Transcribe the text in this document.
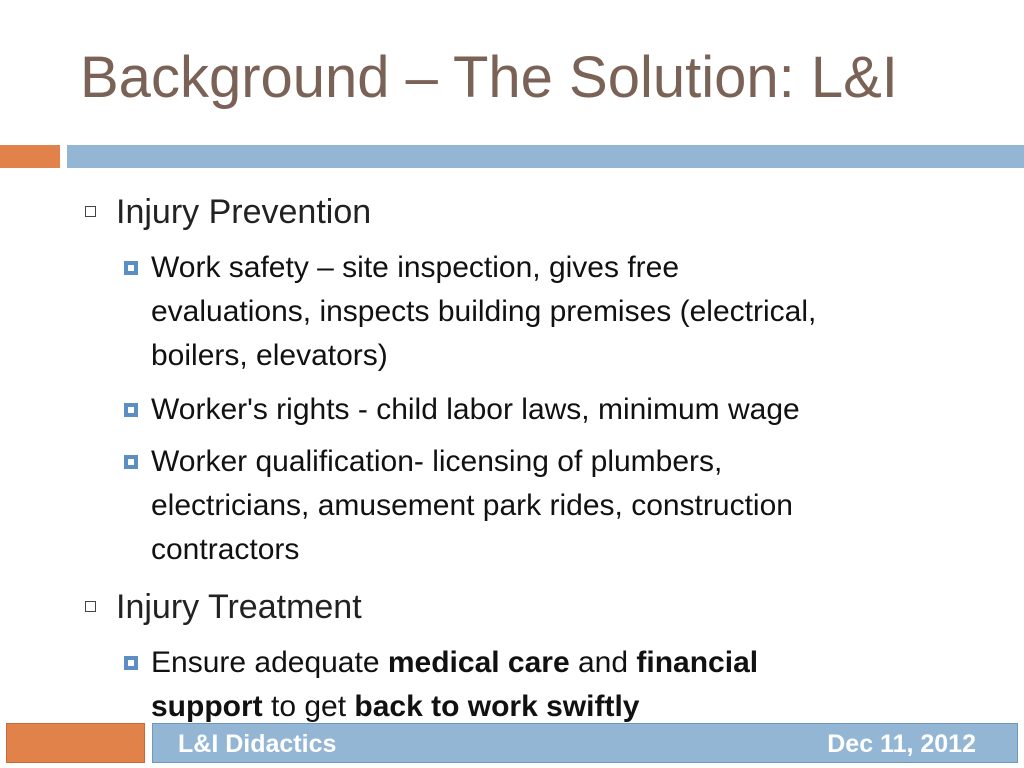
Background – The Solution: L&I
Injury Prevention
Work safety – site inspection, gives free
evaluations, inspects building premises (electrical,
boilers, elevators)
Worker's rights - child labor laws, minimum wage
Worker qualification- licensing of plumbers,
electricians, amusement park rides, construction
contractors
Injury Treatment
Ensure adequate medical care and financial
support to get back to work swiftly
L&I Didactics	Dec 11, 2012
